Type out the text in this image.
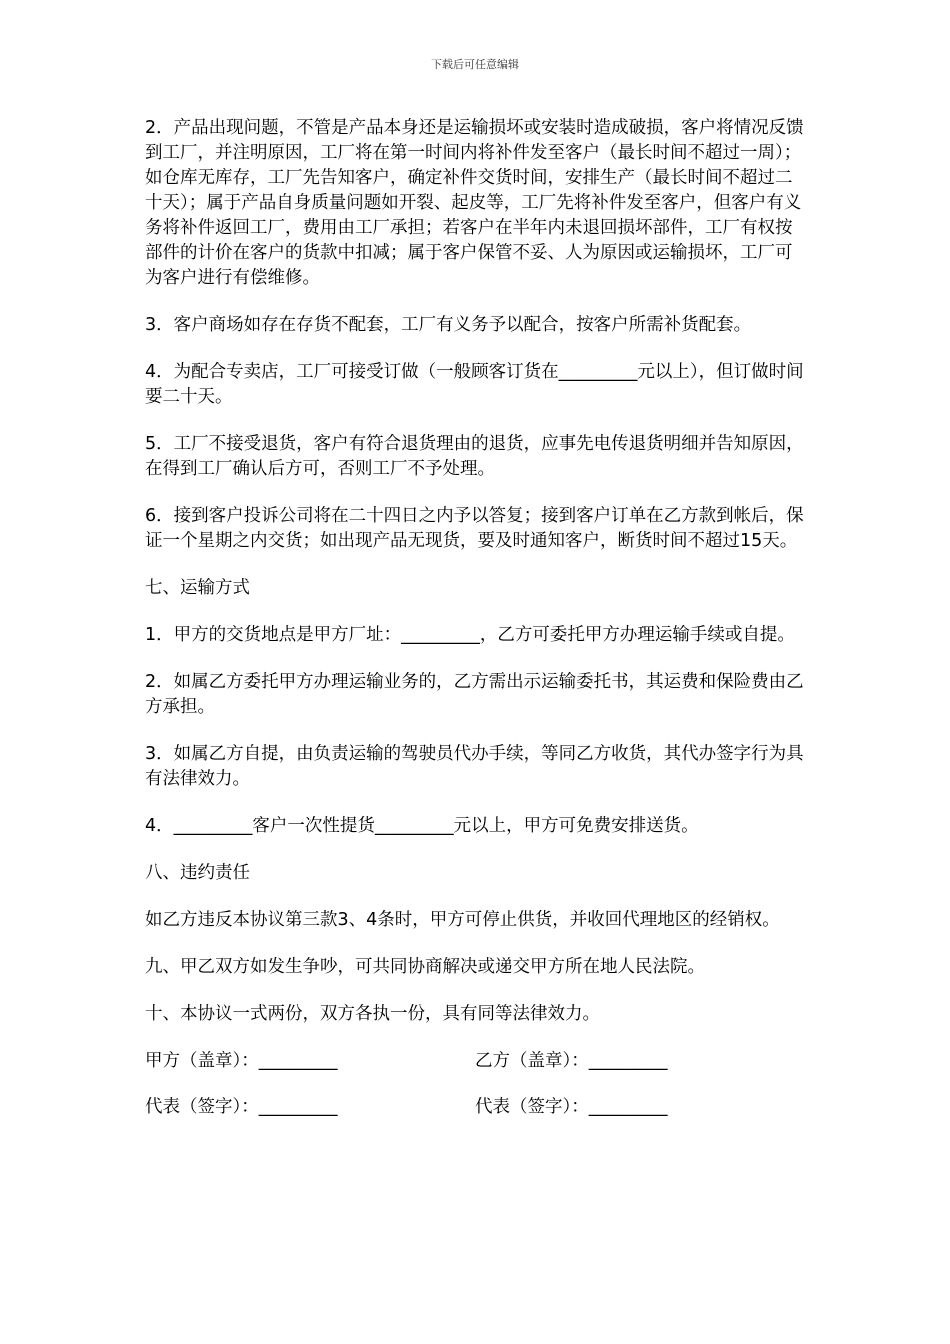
下载后可任意编辑

2．产品出现问题，不管是产品本身还是运输损坏或安装时造成破损，客户将情况反馈到工厂，并注明原因，工厂将在第一时间内将补件发至客户（最长时间不超过一周）；如仓库无库存，工厂先告知客户，确定补件交货时间，安排生产（最长时间不超过二十天）；属于产品自身质量问题如开裂、起皮等，工厂先将补件发至客户，但客户有义务将补件返回工厂，费用由工厂承担；若客户在半年内未退回损坏部件，工厂有权按部件的计价在客户的货款中扣减；属于客户保管不妥、人为原因或运输损坏，工厂可为客户进行有偿维修。

3．客户商场如存在存货不配套，工厂有义务予以配合，按客户所需补货配套。

4．为配合专卖店，工厂可接受订做（一般顾客订货在_________元以上），但订做时间要二十天。

5．工厂不接受退货，客户有符合退货理由的退货，应事先电传退货明细并告知原因，在得到工厂确认后方可，否则工厂不予处理。

6．接到客户投诉公司将在二十四日之内予以答复；接到客户订单在乙方款到帐后，保证一个星期之内交货；如出现产品无现货，要及时通知客户，断货时间不超过15天。

七、运输方式

1．甲方的交货地点是甲方厂址：_________，乙方可委托甲方办理运输手续或自提。

2．如属乙方委托甲方办理运输业务的，乙方需出示运输委托书，其运费和保险费由乙方承担。

3．如属乙方自提，由负责运输的驾驶员代办手续，等同乙方收货，其代办签字行为具有法律效力。

4．_________客户一次性提货_________元以上，甲方可免费安排送货。

八、违约责任

如乙方违反本协议第三款3、4条时，甲方可停止供货，并收回代理地区的经销权。

九、甲乙双方如发生争吵，可共同协商解决或递交甲方所在地人民法院。

十、本协议一式两份，双方各执一份，具有同等法律效力。

甲方（盖章）：_________	乙方（盖章）：_________
代表（签字）：_________	代表（签字）：_________
